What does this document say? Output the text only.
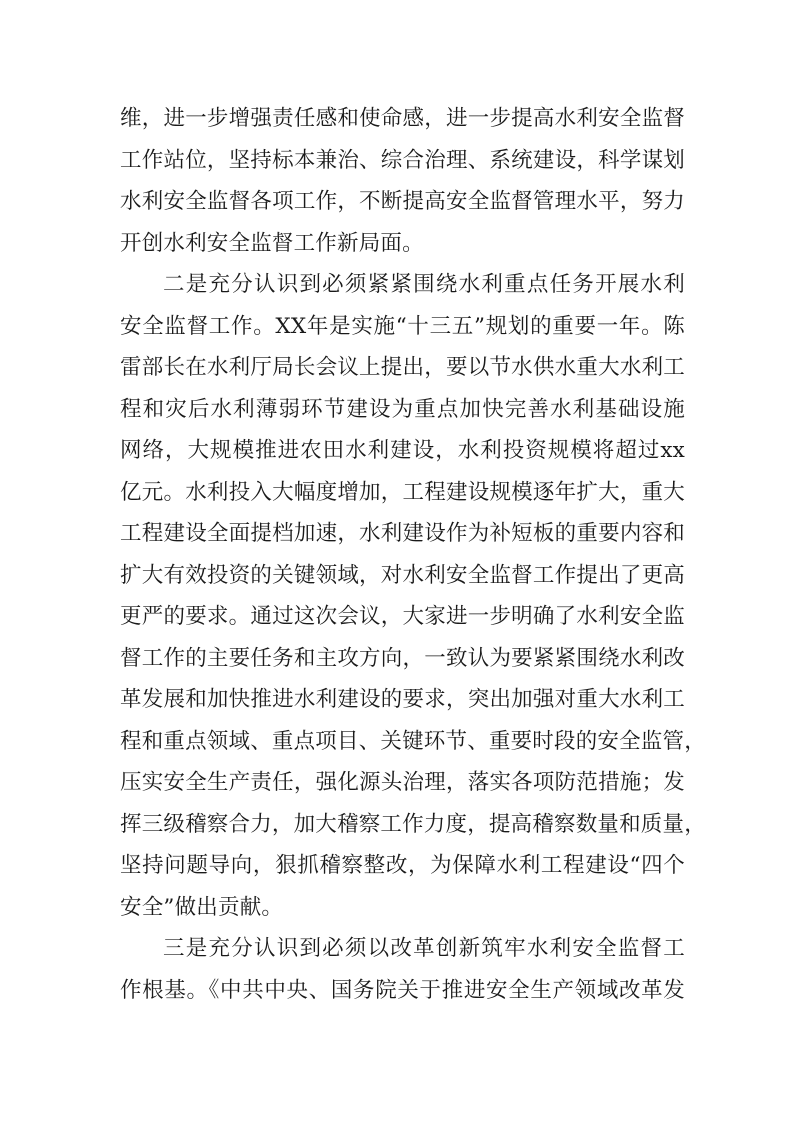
维，进一步增强责任感和使命感，进一步提高水利安全监督
工作站位，坚持标本兼治、综合治理、系统建设，科学谋划
水利安全监督各项工作，不断提高安全监督管理水平，努力
开创水利安全监督工作新局面。
二是充分认识到必须紧紧围绕水利重点任务开展水利
安全监督工作。XX年是实施“十三五”规划的重要一年。陈
雷部长在水利厅局长会议上提出，要以节水供水重大水利工
程和灾后水利薄弱环节建设为重点加快完善水利基础设施
网络，大规模推进农田水利建设，水利投资规模将超过xx
亿元。水利投入大幅度增加，工程建设规模逐年扩大，重大
工程建设全面提档加速，水利建设作为补短板的重要内容和
扩大有效投资的关键领域，对水利安全监督工作提出了更高
更严的要求。通过这次会议，大家进一步明确了水利安全监
督工作的主要任务和主攻方向，一致认为要紧紧围绕水利改
革发展和加快推进水利建设的要求，突出加强对重大水利工
程和重点领域、重点项目、关键环节、重要时段的安全监管，
压实安全生产责任，强化源头治理，落实各项防范措施；发
挥三级稽察合力，加大稽察工作力度，提高稽察数量和质量，
坚持问题导向，狠抓稽察整改，为保障水利工程建设“四个
安全”做出贡献。
三是充分认识到必须以改革创新筑牢水利安全监督工
作根基。《中共中央、国务院关于推进安全生产领域改革发
